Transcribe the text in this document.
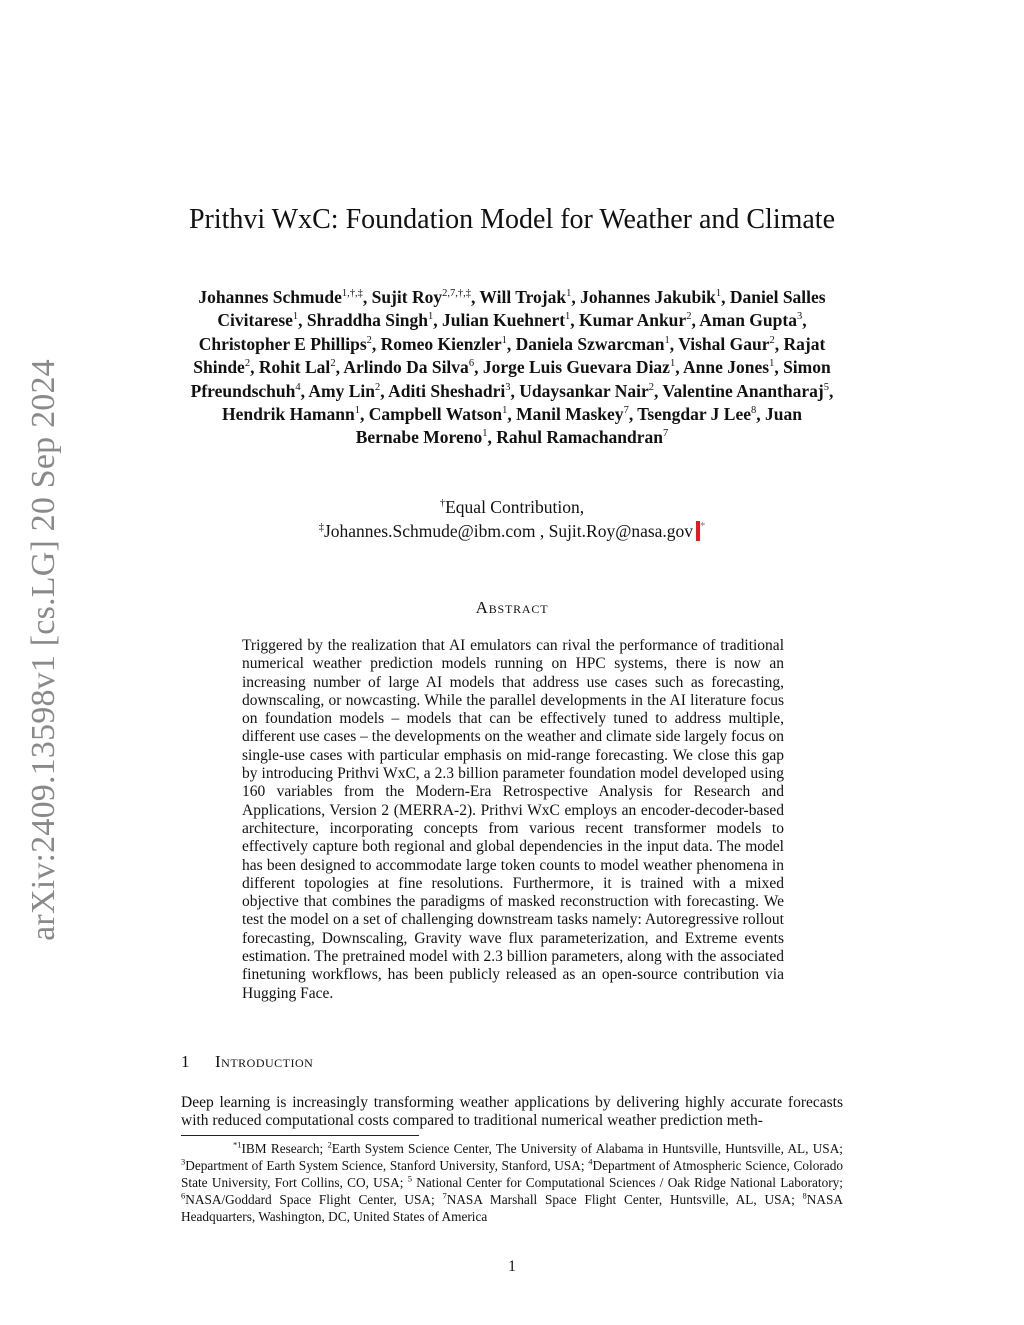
arXiv:2409.13598v1 [cs.LG] 20 Sep 2024
Prithvi WxC: Foundation Model for Weather and Climate
Johannes Schmude$^{1,\dagger,\ddagger}$, Sujit Roy$^{2,7,\dagger,\ddagger}$, Will Trojak$^1$, Johannes Jakubik$^1$, Daniel Salles Civitarese$^1$, Shraddha Singh$^1$, Julian Kuehnert$^1$, Kumar Ankur$^2$, Aman Gupta$^3$, Christopher E Phillips$^2$, Romeo Kienzler$^1$, Daniela Szwarcman$^1$, Vishal Gaur$^2$, Rajat Shinde$^2$, Rohit Lal$^2$, Arlindo Da Silva$^6$, Jorge Luis Guevara Diaz$^1$, Anne Jones$^1$, Simon Pfreundschuh$^4$, Amy Lin$^2$, Aditi Sheshadri$^3$, Udaysankar Nair$^2$, Valentine Anantharaj$^5$, Hendrik Hamann$^1$, Campbell Watson$^1$, Manil Maskey$^7$, Tsengdar J Lee$^8$, Juan Bernabe Moreno$^1$, Rahul Ramachandran$^7$
†Equal Contribution,
‡Johannes.Schmude@ibm.com , Sujit.Roy@nasa.gov *
Abstract
Triggered by the realization that AI emulators can rival the performance of traditional numerical weather prediction models running on HPC systems, there is now an increasing number of large AI models that address use cases such as forecasting, downscaling, or nowcasting. While the parallel developments in the AI literature focus on foundation models – models that can be effectively tuned to address multiple, different use cases – the developments on the weather and climate side largely focus on single-use cases with particular emphasis on mid-range forecasting. We close this gap by introducing Prithvi WxC, a 2.3 billion parameter foundation model developed using 160 variables from the Modern-Era Retrospective Analysis for Research and Applications, Version 2 (MERRA-2). Prithvi WxC employs an encoder-decoder-based architecture, incorporating concepts from various recent transformer models to effectively capture both regional and global dependencies in the input data. The model has been designed to accommodate large token counts to model weather phenomena in different topologies at fine resolutions. Furthermore, it is trained with a mixed objective that combines the paradigms of masked reconstruction with forecasting. We test the model on a set of challenging downstream tasks namely: Autoregressive rollout forecasting, Downscaling, Gravity wave flux parameterization, and Extreme events estimation. The pretrained model with 2.3 billion parameters, along with the associated finetuning workflows, has been publicly released as an open-source contribution via Hugging Face.
1 Introduction
Deep learning is increasingly transforming weather applications by delivering highly accurate forecasts with reduced computational costs compared to traditional numerical weather prediction meth-
$^{*1}$IBM Research; $^2$Earth System Science Center, The University of Alabama in Huntsville, Huntsville, AL, USA; $^3$Department of Earth System Science, Stanford University, Stanford, USA; $^4$Department of Atmospheric Science, Colorado State University, Fort Collins, CO, USA; $^5$ National Center for Computational Sciences / Oak Ridge National Laboratory; $^6$NASA/Goddard Space Flight Center, USA; $^7$NASA Marshall Space Flight Center, Huntsville, AL, USA; $^8$NASA Headquarters, Washington, DC, United States of America
1
